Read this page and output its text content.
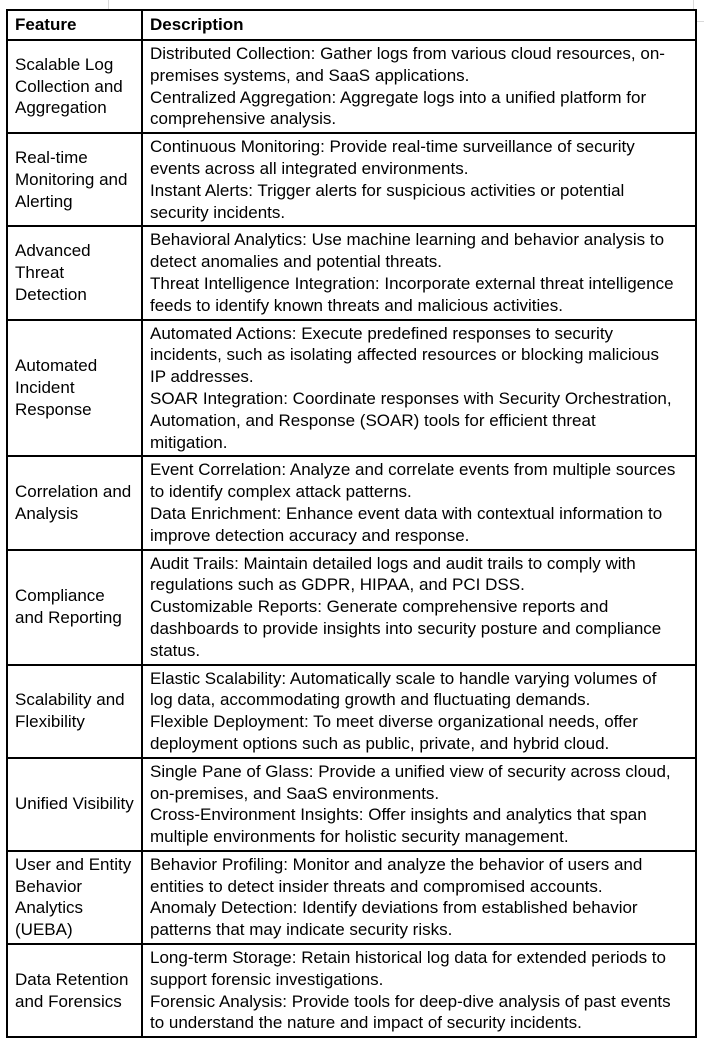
Feature	Description
Scalable Log Collection and Aggregation	Distributed Collection: Gather logs from various cloud resources, on-premises systems, and SaaS applications.
Centralized Aggregation: Aggregate logs into a unified platform for comprehensive analysis.

Real-time Monitoring and Alerting	Continuous Monitoring: Provide real-time surveillance of security events across all integrated environments.
Instant Alerts: Trigger alerts for suspicious activities or potential security incidents.

Advanced Threat Detection	Behavioral Analytics: Use machine learning and behavior analysis to detect anomalies and potential threats.
Threat Intelligence Integration: Incorporate external threat intelligence feeds to identify known threats and malicious activities.

Automated Incident Response	Automated Actions: Execute predefined responses to security incidents, such as isolating affected resources or blocking malicious IP addresses.
SOAR Integration: Coordinate responses with Security Orchestration, Automation, and Response (SOAR) tools for efficient threat mitigation.

Correlation and Analysis	Event Correlation: Analyze and correlate events from multiple sources to identify complex attack patterns.
Data Enrichment: Enhance event data with contextual information to improve detection accuracy and response.

Compliance and Reporting	Audit Trails: Maintain detailed logs and audit trails to comply with regulations such as GDPR, HIPAA, and PCI DSS.
Customizable Reports: Generate comprehensive reports and dashboards to provide insights into security posture and compliance status.

Scalability and Flexibility	Elastic Scalability: Automatically scale to handle varying volumes of log data, accommodating growth and fluctuating demands.
Flexible Deployment: To meet diverse organizational needs, offer deployment options such as public, private, and hybrid cloud.

Unified Visibility	Single Pane of Glass: Provide a unified view of security across cloud, on-premises, and SaaS environments.
Cross-Environment Insights: Offer insights and analytics that span multiple environments for holistic security management.

User and Entity Behavior Analytics (UEBA)	Behavior Profiling: Monitor and analyze the behavior of users and entities to detect insider threats and compromised accounts.
Anomaly Detection: Identify deviations from established behavior patterns that may indicate security risks.

Data Retention and Forensics	Long-term Storage: Retain historical log data for extended periods to support forensic investigations.
Forensic Analysis: Provide tools for deep-dive analysis of past events to understand the nature and impact of security incidents.
